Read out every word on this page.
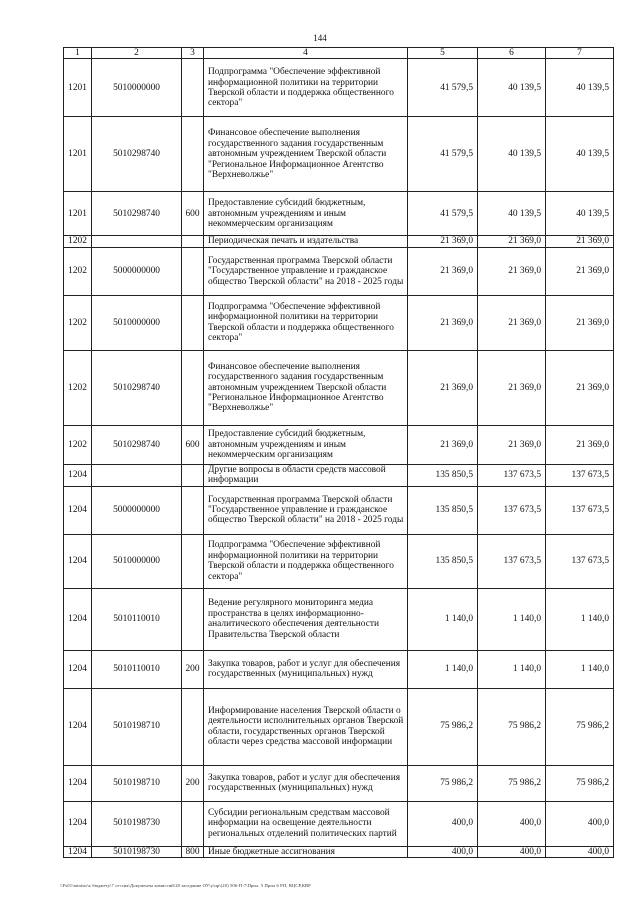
144
1	2	3	4	5	6	7
1201	5010000000		Подпрограмма "Обеспечение эффективной информационной политики на территории Тверской области и поддержка общественного сектора"	41 579,5	40 139,5	40 139,5
1201	5010298740		Финансовое обеспечение выполнения государственного задания государственным автономным учреждением Тверской области "Региональное Информационное Агентство "Верхневолжье"	41 579,5	40 139,5	40 139,5
1201	5010298740	600	Предоставление субсидий бюджетным, автономным учреждениям и иным некоммерческим организациям	41 579,5	40 139,5	40 139,5
1202			Периодическая печать и издательства	21 369,0	21 369,0	21 369,0
1202	5000000000		Государственная программа Тверской области "Государственное управление и гражданское общество Тверской области" на 2018 - 2025 годы	21 369,0	21 369,0	21 369,0
1202	5010000000		Подпрограмма "Обеспечение эффективной информационной политики на территории Тверской области и поддержка общественного сектора"	21 369,0	21 369,0	21 369,0
1202	5010298740		Финансовое обеспечение выполнения государственного задания государственным автономным учреждением Тверской области "Региональное Информационное Агентство "Верхневолжье"	21 369,0	21 369,0	21 369,0
1202	5010298740	600	Предоставление субсидий бюджетным, автономным учреждениям и иным некоммерческим организациям	21 369,0	21 369,0	21 369,0
1204			Другие вопросы в области средств массовой информации	135 850,5	137 673,5	137 673,5
1204	5000000000		Государственная программа Тверской области "Государственное управление и гражданское общество Тверской области" на 2018 - 2025 годы	135 850,5	137 673,5	137 673,5
1204	5010000000		Подпрограмма "Обеспечение эффективной информационной политики на территории Тверской области и поддержка общественного сектора"	135 850,5	137 673,5	137 673,5
1204	5010110010		Ведение регулярного мониторинга медиа пространства в целях информационно-аналитического обеспечения деятельности Правительства Тверской области	1 140,0	1 140,0	1 140,0
1204	5010110010	200	Закупка товаров, работ и услуг для обеспечения государственных (муниципальных) нужд	1 140,0	1 140,0	1 140,0
1204	5010198710		Информирование населения Тверской области о деятельности исполнительных органов Тверской области, государственных органов Тверской области через средства массовой информации	75 986,2	75 986,2	75 986,2
1204	5010198710	200	Закупка товаров, работ и услуг для обеспечения государственных (муниципальных) нужд	75 986,2	75 986,2	75 986,2
1204	5010198730		Субсидии региональным средствам массовой информации на освещение деятельности региональных отделений политических партий	400,0	400,0	400,0
1204	5010198730	800	Иные бюджетные ассигнования	400,0	400,0	400,0
\\Fs01\ministr\к бюджету\7 сессия\Документы комиссий\20 заседание ОУ\у\пр\(20) 506-П-7\Прил. 5 Прил 6 РП, ВЦСР,КВР
